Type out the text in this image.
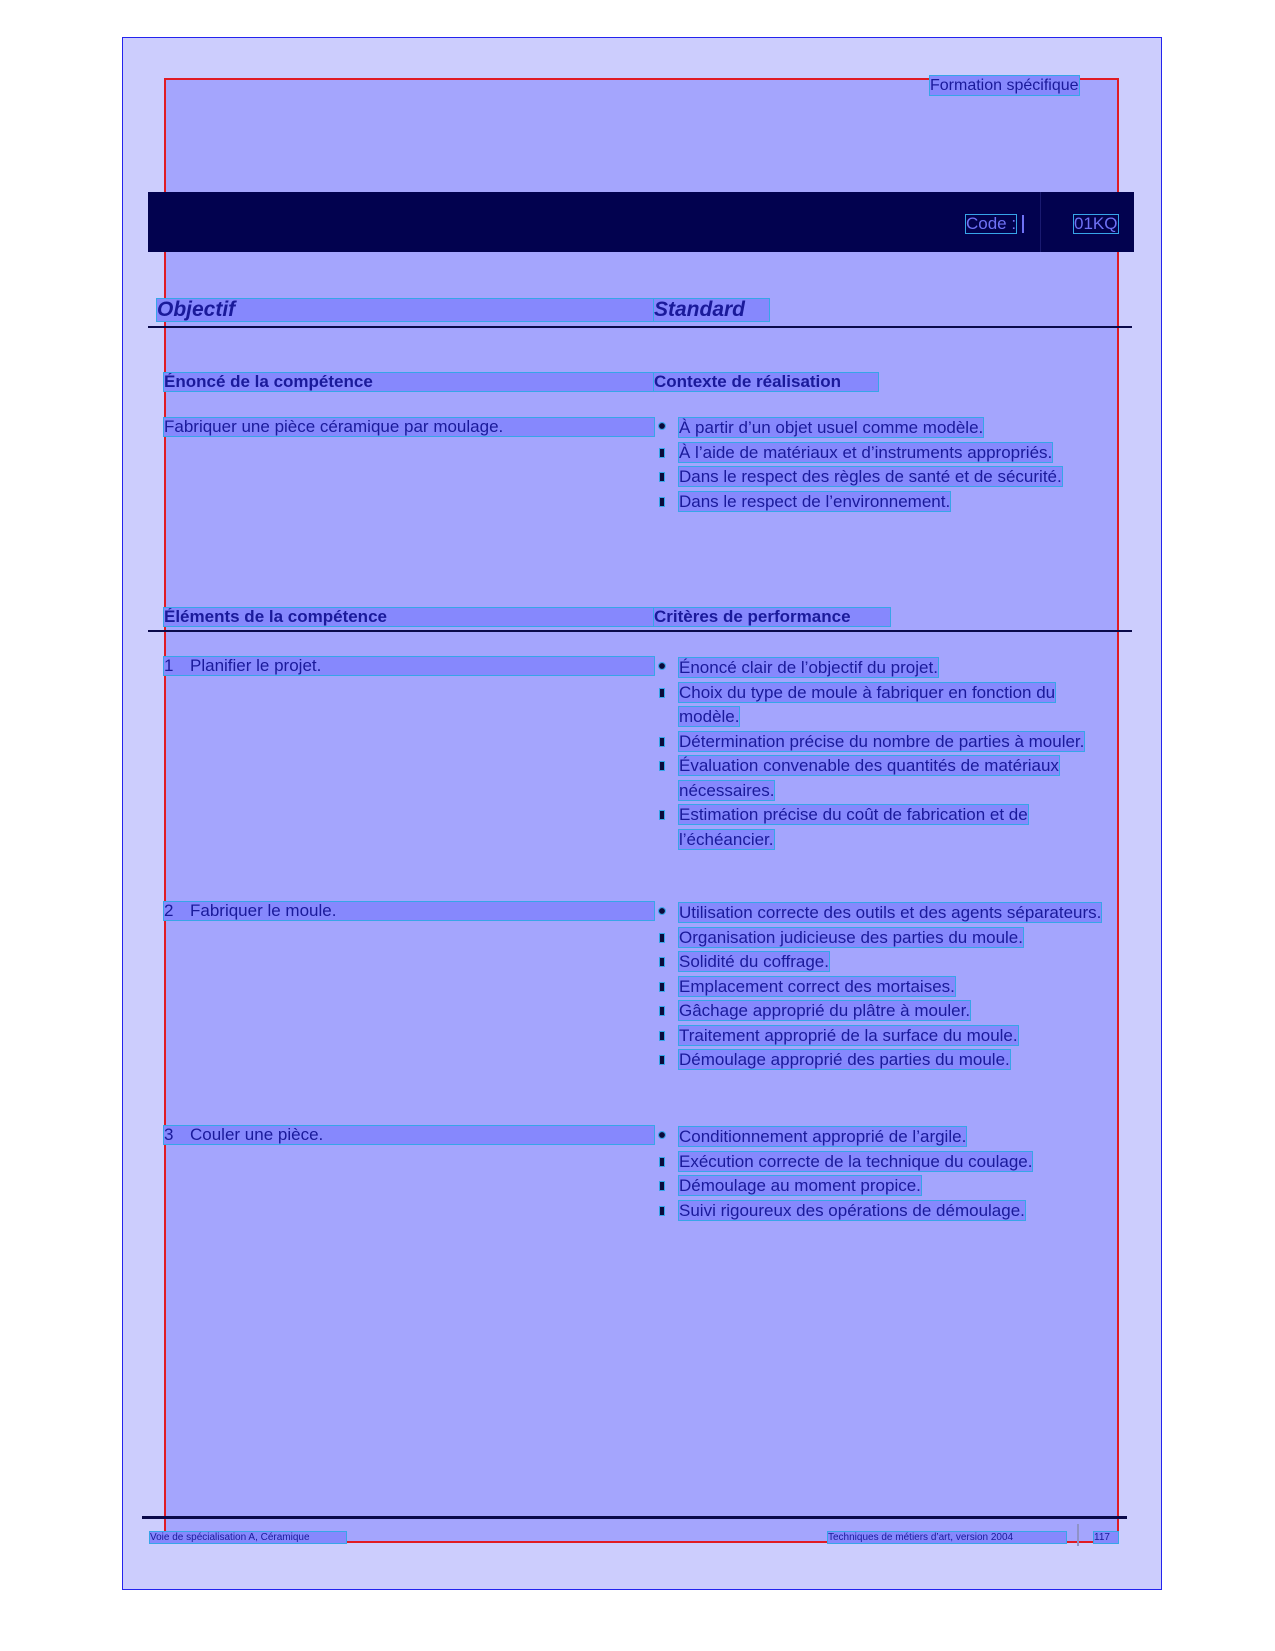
Formation spécifique
Code :	01KQ
Objectif	Standard
Énoncé de la compétence	Contexte de réalisation
Fabriquer une pièce céramique par moulage.	À partir d’un objet usuel comme modèle.
À l’aide de matériaux et d’instruments appropriés.
Dans le respect des règles de santé et de sécurité.
Dans le respect de l’environnement.
Éléments de la compétence	Critères de performance
1 Planifier le projet.	Énoncé clair de l’objectif du projet.
Choix du type de moule à fabriquer en fonction du modèle.
Détermination précise du nombre de parties à mouler.
Évaluation convenable des quantités de matériaux nécessaires.
Estimation précise du coût de fabrication et de l’échéancier.
2 Fabriquer le moule.	Utilisation correcte des outils et des agents séparateurs.
Organisation judicieuse des parties du moule.
Solidité du coffrage.
Emplacement correct des mortaises.
Gâchage approprié du plâtre à mouler.
Traitement approprié de la surface du moule.
Démoulage approprié des parties du moule.
3 Couler une pièce.	Conditionnement approprié de l’argile.
Exécution correcte de la technique du coulage.
Démoulage au moment propice.
Suivi rigoureux des opérations de démoulage.
Voie de spécialisation A, Céramique	Techniques de métiers d’art, version 2004	117
